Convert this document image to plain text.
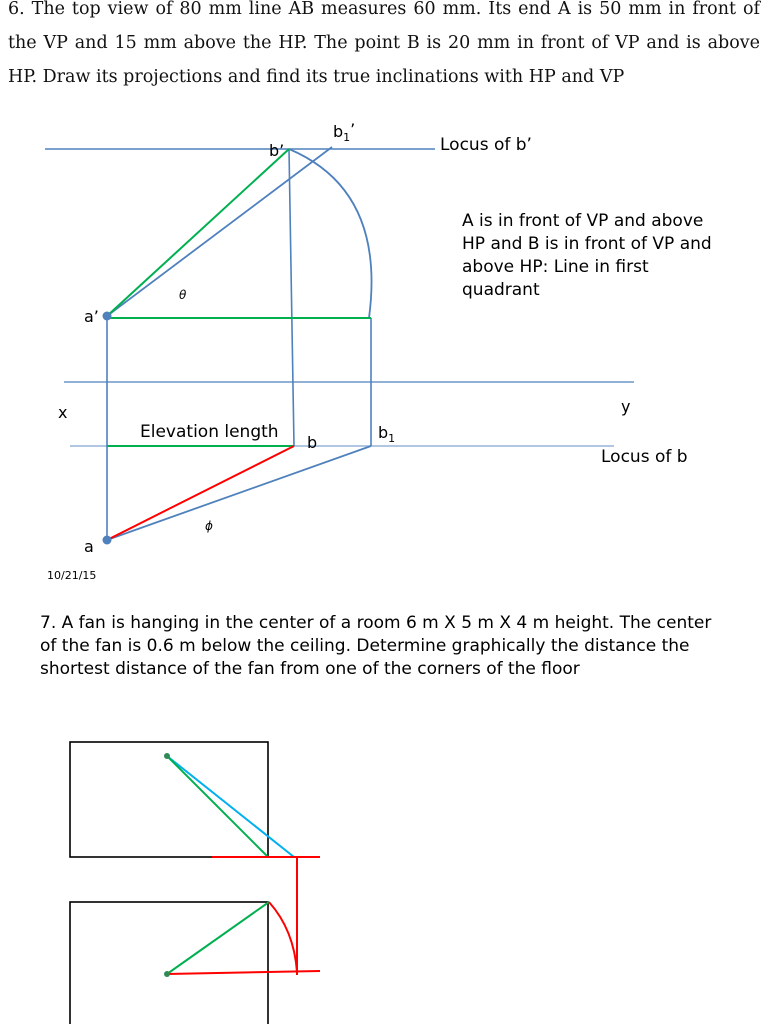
6. The top view of 80 mm line AB measures 60 mm. Its end A is 50 mm in front of the VP and 15 mm above the HP. The point B is 20 mm in front of VP and is above HP. Draw its projections and find its true inclinations with HP and VP

$b_1$’
b’	Locus of b’
A is in front of VP and above HP and B is in front of VP and above HP: Line in first quadrant
θ
a’
x	y
Elevation length
b
$b_1$
Locus of b
ϕ
a
10/21/15

7. A fan is hanging in the center of a room 6 m X 5 m X 4 m height. The center of the fan is 0.6 m below the ceiling. Determine graphically the distance the shortest distance of the fan from one of the corners of the floor
